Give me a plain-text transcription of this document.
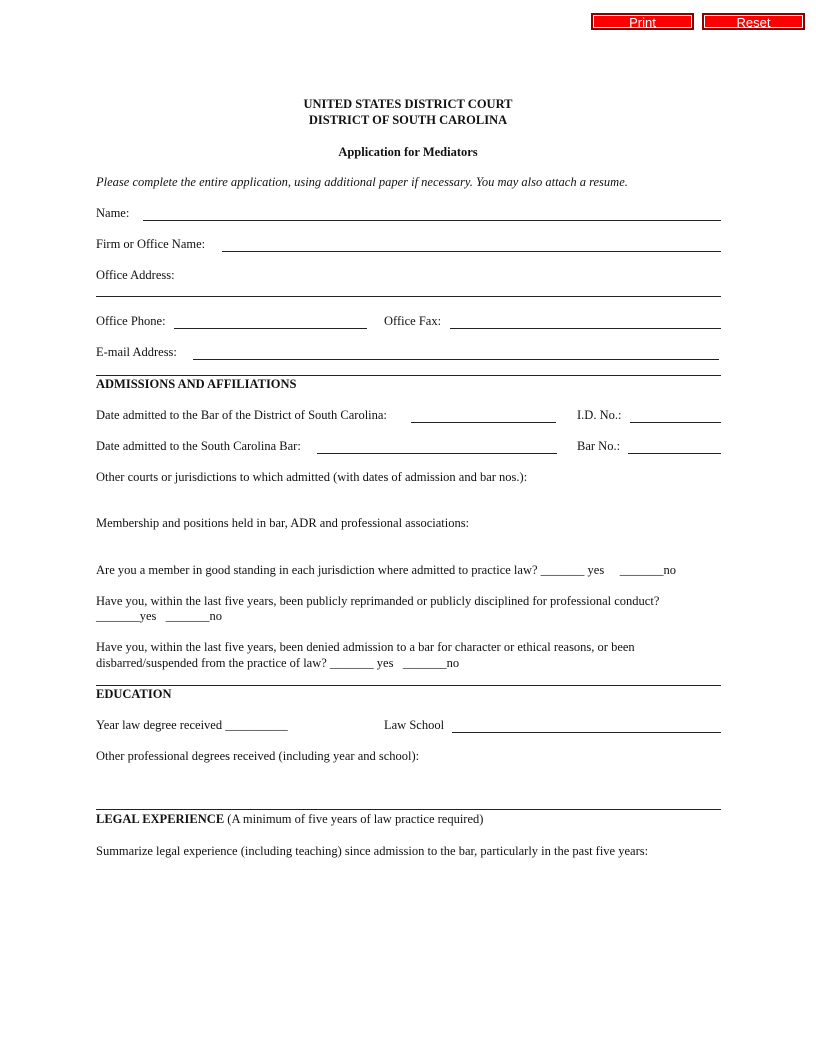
Print	Reset
UNITED STATES DISTRICT COURT
DISTRICT OF SOUTH CAROLINA
Application for Mediators
Please complete the entire application, using additional paper if necessary. You may also attach a resume.
Name:
Firm or Office Name:
Office Address:
Office Phone:	Office Fax:
E-mail Address:
ADMISSIONS AND AFFILIATIONS
Date admitted to the Bar of the District of South Carolina:	I.D. No.:
Date admitted to the South Carolina Bar:	Bar No.:
Other courts or jurisdictions to which admitted (with dates of admission and bar nos.):
Membership and positions held in bar, ADR and professional associations:
Are you a member in good standing in each jurisdiction where admitted to practice law? _______ yes     _______no
Have you, within the last five years, been publicly reprimanded or publicly disciplined for professional conduct?
_______yes   _______no
Have you, within the last five years, been denied admission to a bar for character or ethical reasons, or been
disbarred/suspended from the practice of law? _______ yes   _______no
EDUCATION
Year law degree received __________	Law School
Other professional degrees received (including year and school):
LEGAL EXPERIENCE (A minimum of five years of law practice required)
Summarize legal experience (including teaching) since admission to the bar, particularly in the past five years:
